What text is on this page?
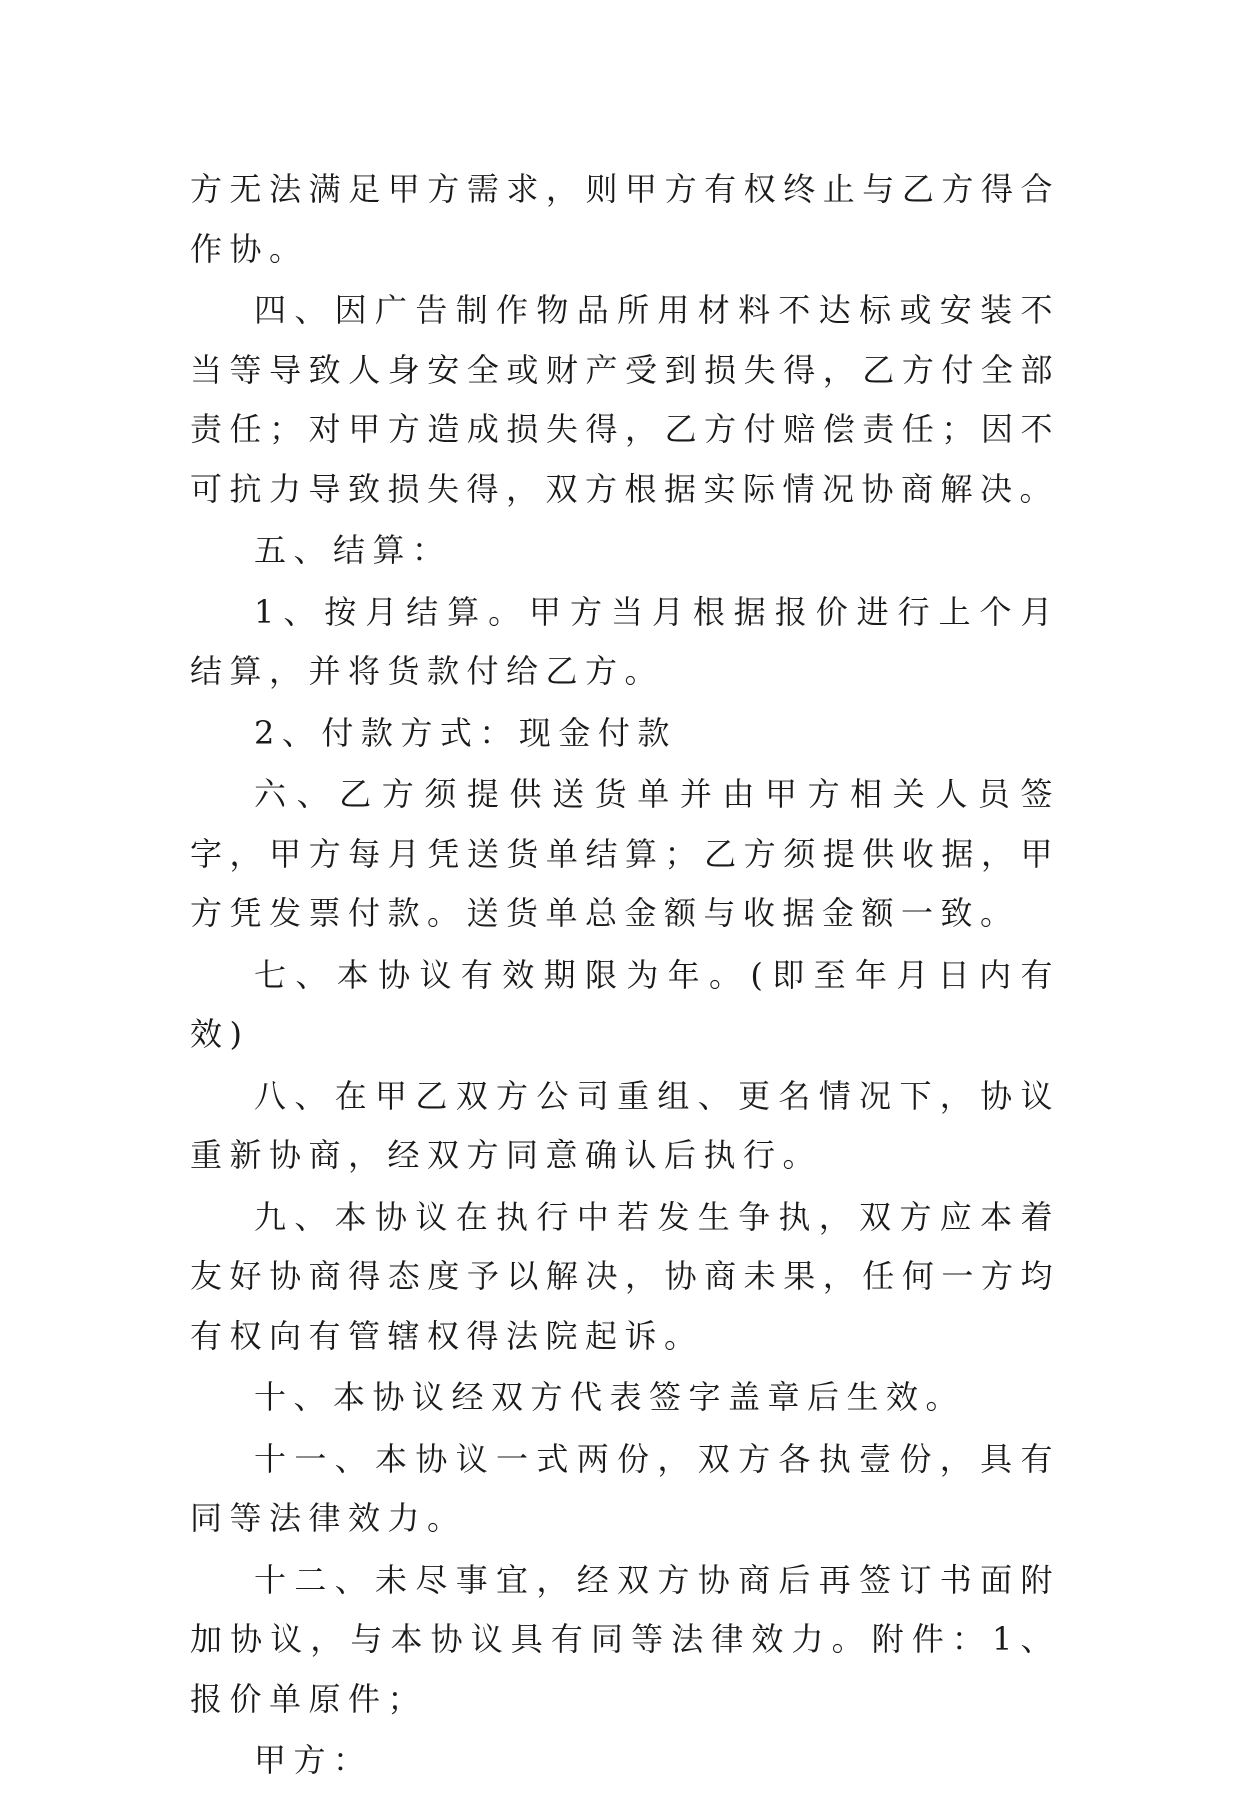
方无法满足甲方需求，则甲方有权终止与乙方得合作协。

四、因广告制作物品所用材料不达标或安装不当等导致人身安全或财产受到损失得，乙方付全部责任；对甲方造成损失得，乙方付赔偿责任；因不可抗力导致损失得，双方根据实际情况协商解决。

五、结算：

1、按月结算。甲方当月根据报价进行上个月结算，并将货款付给乙方。

2、付款方式：现金付款

六、乙方须提供送货单并由甲方相关人员签字，甲方每月凭送货单结算；乙方须提供收据，甲方凭发票付款。送货单总金额与收据金额一致。

七、本协议有效期限为年。(即至年月日内有效)

八、在甲乙双方公司重组、更名情况下，协议重新协商，经双方同意确认后执行。

九、本协议在执行中若发生争执，双方应本着友好协商得态度予以解决，协商未果，任何一方均有权向有管辖权得法院起诉。

十、本协议经双方代表签字盖章后生效。

十一、本协议一式两份，双方各执壹份，具有同等法律效力。

十二、未尽事宜，经双方协商后再签订书面附加协议，与本协议具有同等法律效力。附件：1、报价单原件；

甲方：
